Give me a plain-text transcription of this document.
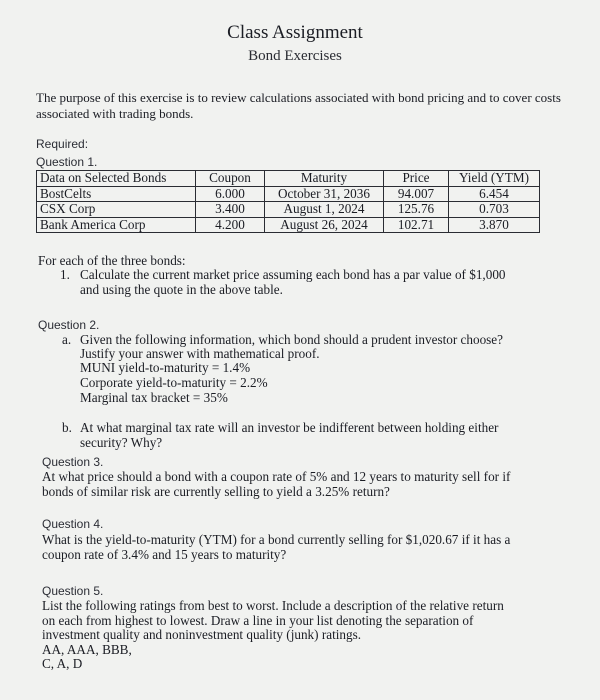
Class Assignment
Bond Exercises
The purpose of this exercise is to review calculations associated with bond pricing and to cover costs associated with trading bonds.
Required:
Question 1.
Data on Selected Bonds	Coupon	Maturity	Price	Yield (YTM)
BostCelts	6.000	October 31, 2036	94.007	6.454
CSX Corp	3.400	August 1, 2024	125.76	0.703
Bank America Corp	4.200	August 26, 2024	102.71	3.870
For each of the three bonds:
1. Calculate the current market price assuming each bond has a par value of $1,000
and using the quote in the above table.
Question 2.
a. Given the following information, which bond should a prudent investor choose?
Justify your answer with mathematical proof.
MUNI yield-to-maturity = 1.4%
Corporate yield-to-maturity = 2.2%
Marginal tax bracket = 35%
b. At what marginal tax rate will an investor be indifferent between holding either
security? Why?
Question 3.
At what price should a bond with a coupon rate of 5% and 12 years to maturity sell for if
bonds of similar risk are currently selling to yield a 3.25% return?
Question 4.
What is the yield-to-maturity (YTM) for a bond currently selling for $1,020.67 if it has a
coupon rate of 3.4% and 15 years to maturity?
Question 5.
List the following ratings from best to worst. Include a description of the relative return
on each from highest to lowest. Draw a line in your list denoting the separation of
investment quality and noninvestment quality (junk) ratings.
AA, AAA, BBB,
C, A, D
